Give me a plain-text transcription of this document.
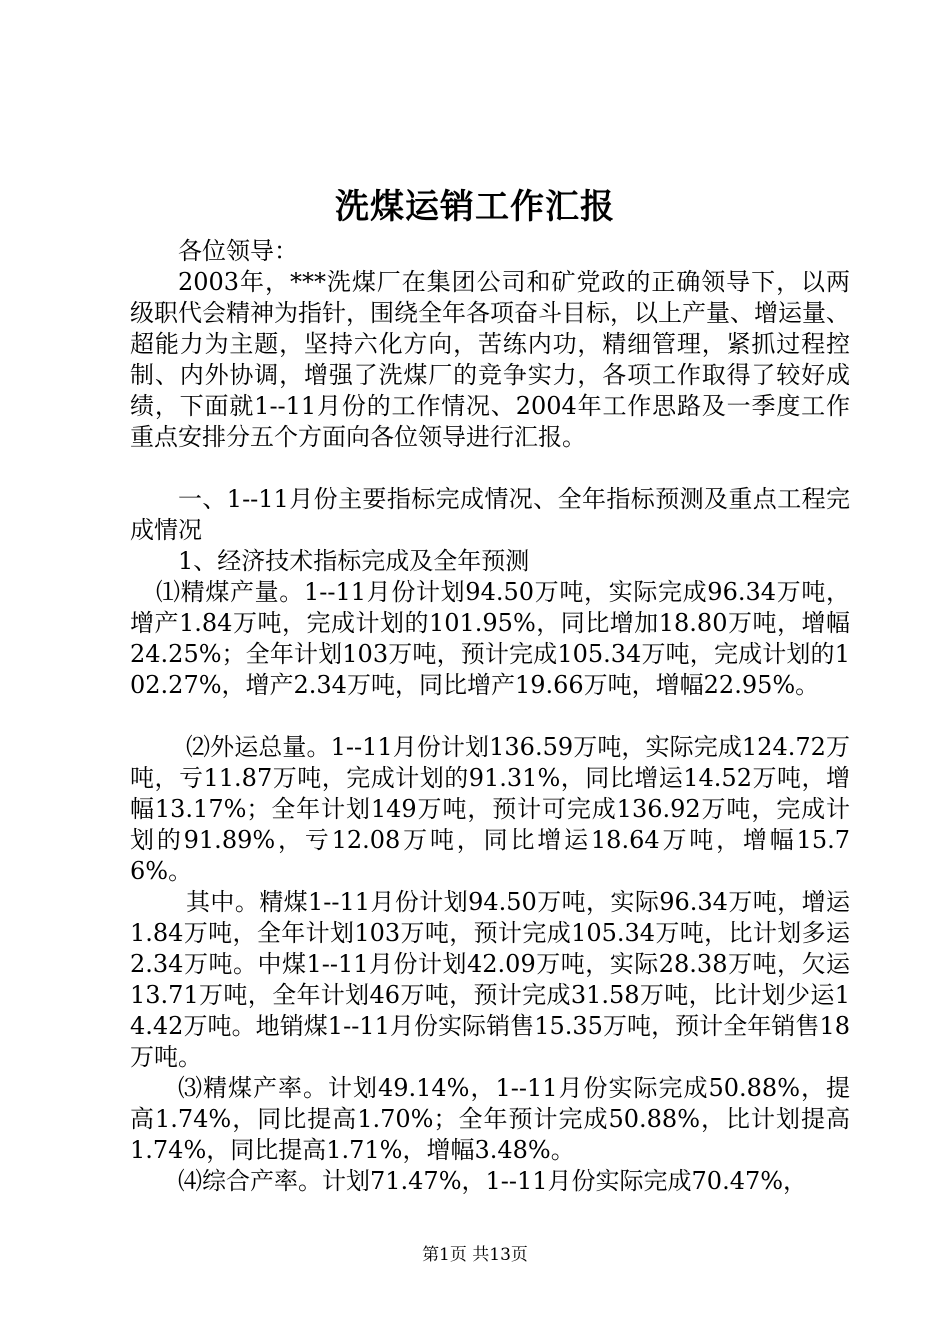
洗煤运销工作汇报

各位领导：

2003年，***洗煤厂在集团公司和矿党政的正确领导下，以两级职代会精神为指针，围绕全年各项奋斗目标，以上产量、增运量、超能力为主题，坚持六化方向，苦练内功，精细管理，紧抓过程控制、内外协调，增强了洗煤厂的竞争实力，各项工作取得了较好成绩，下面就1--11月份的工作情况、2004年工作思路及一季度工作重点安排分五个方面向各位领导进行汇报。

一、1--11月份主要指标完成情况、全年指标预测及重点工程完成情况

1、经济技术指标完成及全年预测

⑴精煤产量。1--11月份计划94.50万吨，实际完成96.34万吨，增产1.84万吨，完成计划的101.95%，同比增加18.80万吨，增幅24.25%；全年计划103万吨，预计完成105.34万吨，完成计划的102.27%，增产2.34万吨，同比增产19.66万吨，增幅22.95%。

⑵外运总量。1--11月份计划136.59万吨，实际完成124.72万吨，亏11.87万吨，完成计划的91.31%，同比增运14.52万吨，增幅13.17%；全年计划149万吨，预计可完成136.92万吨，完成计划的91.89%，亏12.08万吨，同比增运18.64万吨，增幅15.76%。

其中。精煤1--11月份计划94.50万吨，实际96.34万吨，增运1.84万吨，全年计划103万吨，预计完成105.34万吨，比计划多运2.34万吨。中煤1--11月份计划42.09万吨，实际28.38万吨，欠运13.71万吨，全年计划46万吨，预计完成31.58万吨，比计划少运14.42万吨。地销煤1--11月份实际销售15.35万吨，预计全年销售18万吨。

⑶精煤产率。计划49.14%，1--11月份实际完成50.88%，提高1.74%，同比提高1.70%；全年预计完成50.88%，比计划提高1.74%，同比提高1.71%，增幅3.48%。

⑷综合产率。计划71.47%，1--11月份实际完成70.47%，

第1页 共13页
